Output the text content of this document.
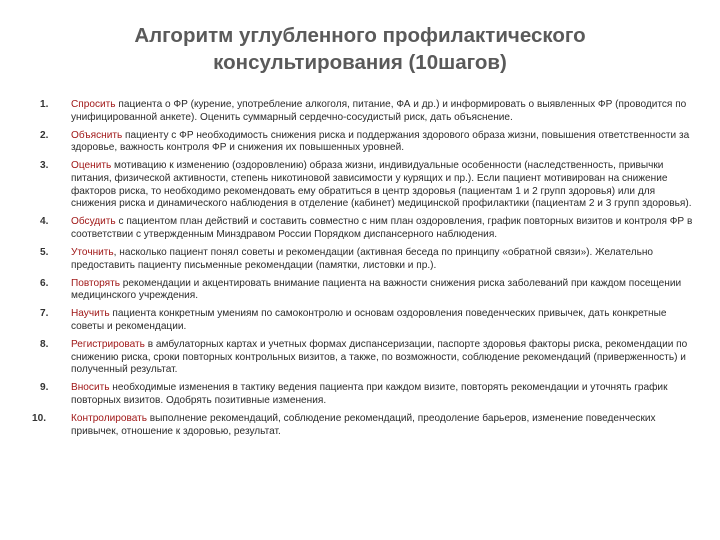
Алгоритм углубленного профилактического
консультирования (10шагов)
1. Спросить пациента о ФР (курение, употребление алкоголя, питание, ФА и др.) и информировать о выявленных ФР (проводится по унифицированной анкете). Оценить суммарный сердечно-сосудистый риск, дать объяснение.
2. Объяснить пациенту с ФР необходимость снижения риска и поддержания здорового образа жизни, повышения ответственности за здоровье, важность контроля ФР и снижения их повышенных уровней.
3. Оценить мотивацию к изменению (оздоровлению) образа жизни, индивидуальные особенности (наследственность, привычки питания, физической активности, степень никотиновой зависимости у курящих и пр.). Если пациент мотивирован на снижение факторов риска, то необходимо рекомендовать ему обратиться в центр здоровья (пациентам 1 и 2 групп здоровья) или для снижения риска и динамического наблюдения в отделение (кабинет) медицинской профилактики (пациентам 2 и 3 групп здоровья).
4. Обсудить с пациентом план действий и составить совместно с ним план оздоровления, график повторных визитов и контроля ФР в соответствии с утвержденным Минздравом России Порядком диспансерного наблюдения.
5. Уточнить, насколько пациент понял советы и рекомендации (активная беседа по принципу «обратной связи»). Желательно предоставить пациенту письменные рекомендации (памятки, листовки и пр.).
6. Повторять рекомендации и акцентировать внимание пациента на важности снижения риска заболеваний при каждом посещении медицинского учреждения.
7. Научить пациента конкретным умениям по самоконтролю и основам оздоровления поведенческих привычек, дать конкретные советы и рекомендации.
8. Регистрировать в амбулаторных картах и учетных формах диспансеризации, паспорте здоровья факторы риска, рекомендации по снижению риска, сроки повторных контрольных визитов, а также, по возможности, соблюдение рекомендаций (приверженность) и полученный результат.
9. Вносить необходимые изменения в тактику ведения пациента при каждом визите, повторять рекомендации и уточнять график повторных визитов. Одобрять позитивные изменения.
10. Контролировать выполнение рекомендаций, соблюдение рекомендаций, преодоление барьеров, изменение поведенческих привычек, отношение к здоровью, результат.
